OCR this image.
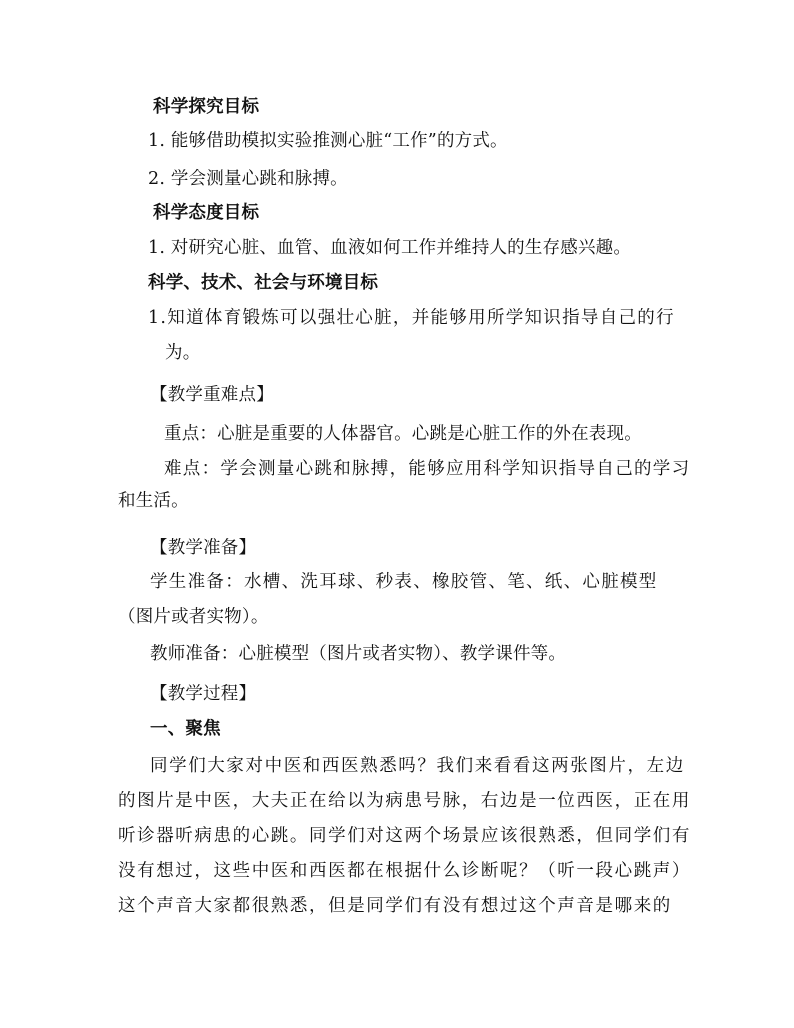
科学探究目标
1. 能够借助模拟实验推测心脏“工作”的方式。
2. 学会测量心跳和脉搏。
科学态度目标
1. 对研究心脏、血管、血液如何工作并维持人的生存感兴趣。
科学、技术、社会与环境目标
1.知道体育锻炼可以强壮心脏，并能够用所学知识指导自己的行
为。
【教学重难点】
重点：心脏是重要的人体器官。心跳是心脏工作的外在表现。
难点：学会测量心跳和脉搏，能够应用科学知识指导自己的学习
和生活。
【教学准备】
学生准备：水槽、洗耳球、秒表、橡胶管、笔、纸、心脏模型
（图片或者实物）。
教师准备：心脏模型（图片或者实物）、教学课件等。
【教学过程】
一、聚焦
同学们大家对中医和西医熟悉吗？我们来看看这两张图片，左边
的图片是中医，大夫正在给以为病患号脉，右边是一位西医，正在用
听诊器听病患的心跳。同学们对这两个场景应该很熟悉，但同学们有
没有想过，这些中医和西医都在根据什么诊断呢？（听一段心跳声）
这个声音大家都很熟悉，但是同学们有没有想过这个声音是哪来的
